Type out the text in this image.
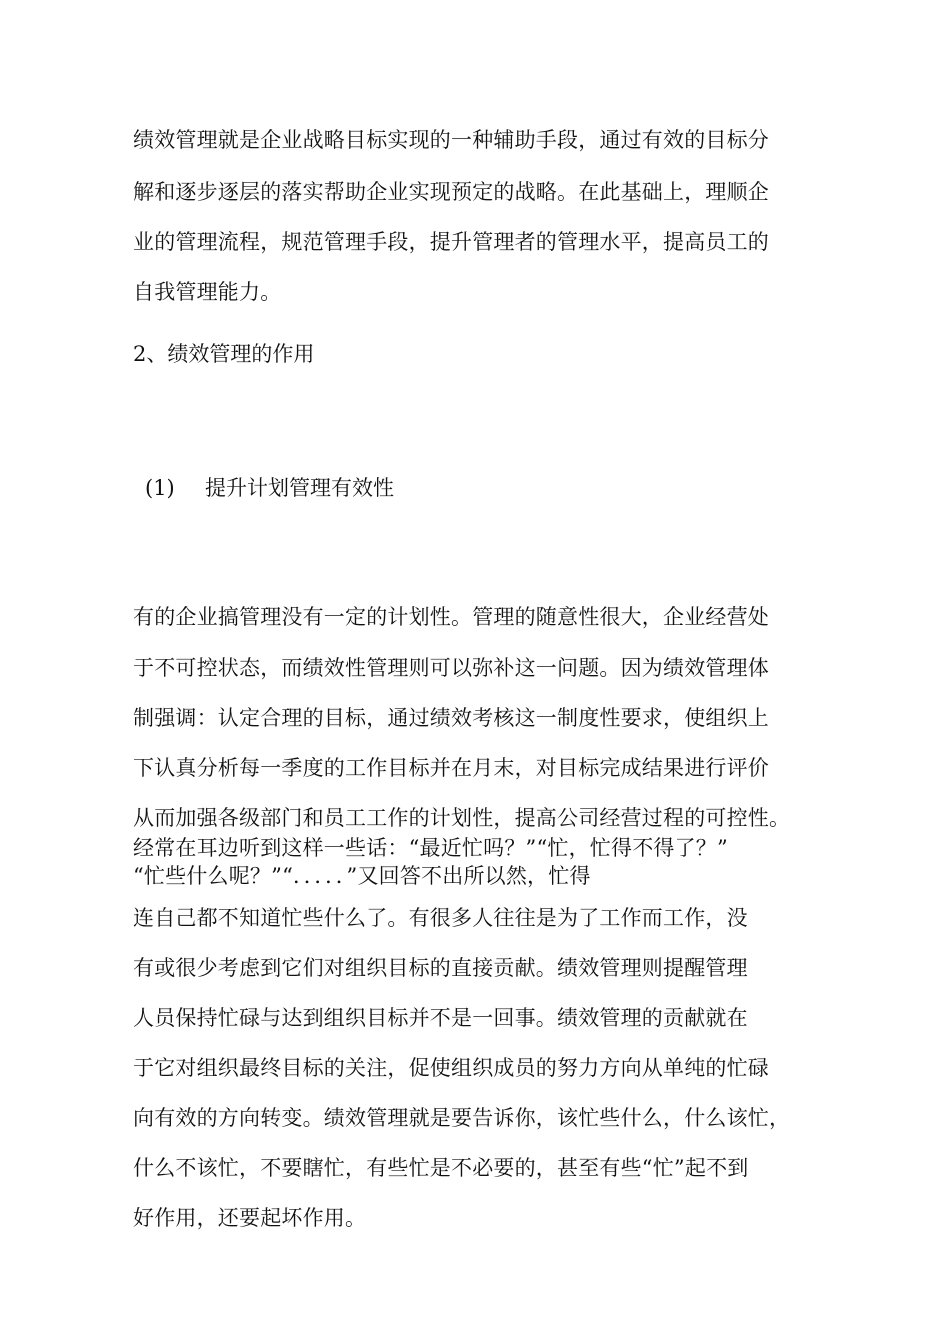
绩效管理就是企业战略目标实现的一种辅助手段，通过有效的目标分
解和逐步逐层的落实帮助企业实现预定的战略。在此基础上，理顺企
业的管理流程，规范管理手段，提升管理者的管理水平，提高员工的
自我管理能力。
2、绩效管理的作用
(1) 提升计划管理有效性
有的企业搞管理没有一定的计划性。管理的随意性很大，企业经营处
于不可控状态，而绩效性管理则可以弥补这一问题。因为绩效管理体
制强调：认定合理的目标，通过绩效考核这一制度性要求，使组织上
下认真分析每一季度的工作目标并在月末，对目标完成结果进行评价
从而加强各级部门和员工工作的计划性，提高公司经营过程的可控性。
经常在耳边听到这样一些话：“最近忙吗？”“忙，忙得不得了？”
“忙些什么呢？”“．．．．．”又回答不出所以然，忙得
连自己都不知道忙些什么了。有很多人往往是为了工作而工作，没
有或很少考虑到它们对组织目标的直接贡献。绩效管理则提醒管理
人员保持忙碌与达到组织目标并不是一回事。绩效管理的贡献就在
于它对组织最终目标的关注，促使组织成员的努力方向从单纯的忙碌
向有效的方向转变。绩效管理就是要告诉你，该忙些什么，什么该忙，
什么不该忙，不要瞎忙，有些忙是不必要的，甚至有些“忙”起不到
好作用，还要起坏作用。
